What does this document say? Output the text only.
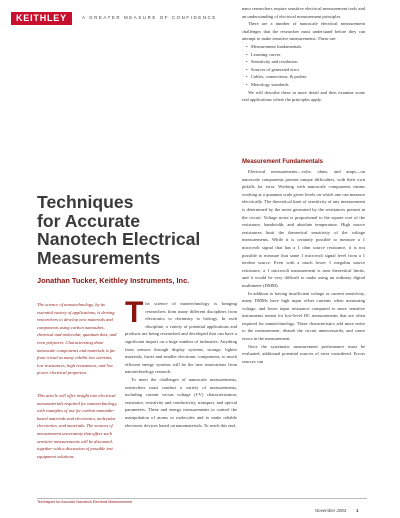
KEITHLEY	A GREATER MEASURE OF CONFIDENCE
Techniques
for Accurate
Nanotech Electrical
Measurements
Jonathan Tucker, Keithley Instruments, Inc.

The science of nanotechnology, by its essential variety of applications, is driving researchers to develop new materials and components using carbon nanotubes, chemical and molecular, quantum dots, and even polymers. Characterizing these nanoscale components and materials is far from trivial as many exhibit low currents, low resistances, high resistances, and low power electrical properties.

This article will offer insight into electrical nanomaterials required for nanotechnology, with examples of use for carbon nanotube-based materials and electronics, molecular electronics, and materials. The sources of measurement uncertainty that affect such sensitive measurements will be discussed, together with a discussion of possible test equipment solutions.

The science of nanotechnology is bringing researchers from many different disciplines from electronics to chemistry to biology. In each discipline, a variety of potential applications and products are being researched and developed that can have a significant impact on a huge number of industries. Anything from sensors through display systems, storage, lighter materials, faster and smaller electronic components, to much efficient energy systems will be the new innovations from nanotechnology research.

To meet the challenges of nanoscale measurements, researchers must conduct a variety of measurements, including current versus voltage (I-V) characterization, resistance, resistivity and conductivity, transport, and optical parameters. These and energy measurements to control the manipulation of atoms or molecules and to make reliable electronic devices based on nanomaterials. To reach this end,

nano researchers require sensitive electrical measurement tools and an understanding of electrical measurement principles.

There are a number of nanoscale electrical measurement challenges that the researcher must understand before they can attempt to make sensitive measurements. These are:

• Measurement fundamentals
• Learning curves
• Sensitivity and resolution
• Sources of generated error
• Cables, connections, & probes
• Metrology standards

We will describe these in more detail and then examine some real applications where the principles apply.

Measurement Fundamentals

Electrical measurements—volts, ohms, and amps—on nanoscale components present unique difficulties, with their own pitfalls for error. Working with nanoscale components means working at a quantum scale given levels on which one can measure electrically. The theoretical limit of sensitivity of any measurement is determined by the noise generated by the resistances present in the circuit. Voltage noise is proportional to the square root of the resistance, bandwidth, and absolute temperature. High source resistances limit the theoretical sensitivity of the voltage measurements. While it is certainly possible to measure a 1 microvolt signal that has a 1 ohm source resistance, it is not possible to measure that same 1 microvolt signal level from a 1 terohm source. Even with a much lower 1 megohm source resistance, a 1 microvolt measurement is near theoretical limits, and it would be very difficult to make using an ordinary digital multimeter (DMM).

In addition to having insufficient voltage or current sensitivity, many DMMs have high input offset currents when measuring voltage, and lower input resistance compared to more sensitive instruments meant for low-level DC measurements that are often required for nanotechnology. These characteristics add more noise to the measurement, disturb the circuit unnecessarily, and cause errors in the measurement.

Once the systematic measurement performance must be evaluated, additional potential sources of error considered. Errors sources can

Techniques for Accurate Nanotech Electrical Measurements
November 2003 1
